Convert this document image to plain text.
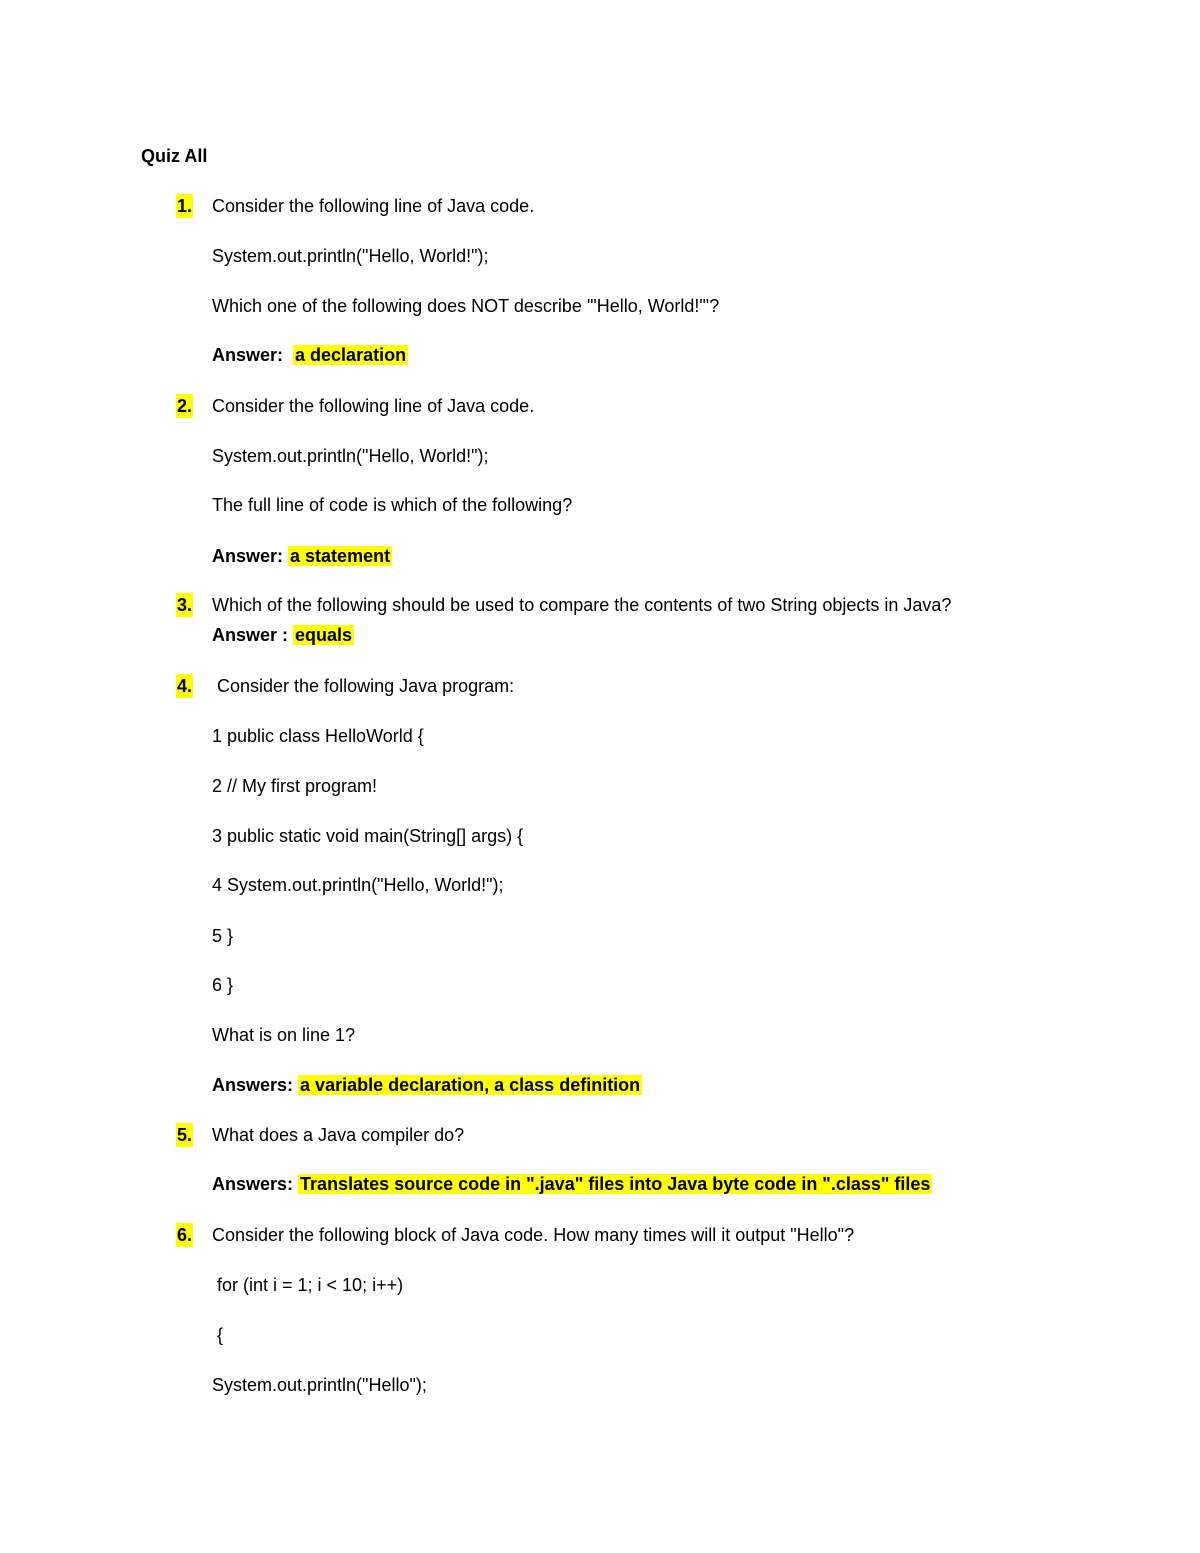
Quiz All
1. Consider the following line of Java code.
System.out.println("Hello, World!");
Which one of the following does NOT describe '"Hello, World!"'?
Answer: a declaration
2. Consider the following line of Java code.
System.out.println("Hello, World!");
The full line of code is which of the following?
Answer: a statement
3. Which of the following should be used to compare the contents of two String objects in Java?
Answer : equals
4. Consider the following Java program:
1 public class HelloWorld {
2 // My first program!
3 public static void main(String[] args) {
4 System.out.println("Hello, World!");
5 }
6 }
What is on line 1?
Answers: a variable declaration, a class definition
5. What does a Java compiler do?
Answers: Translates source code in ".java" files into Java byte code in ".class" files
6. Consider the following block of Java code. How many times will it output "Hello"?
for (int i = 1; i < 10; i++)
{
System.out.println("Hello");
